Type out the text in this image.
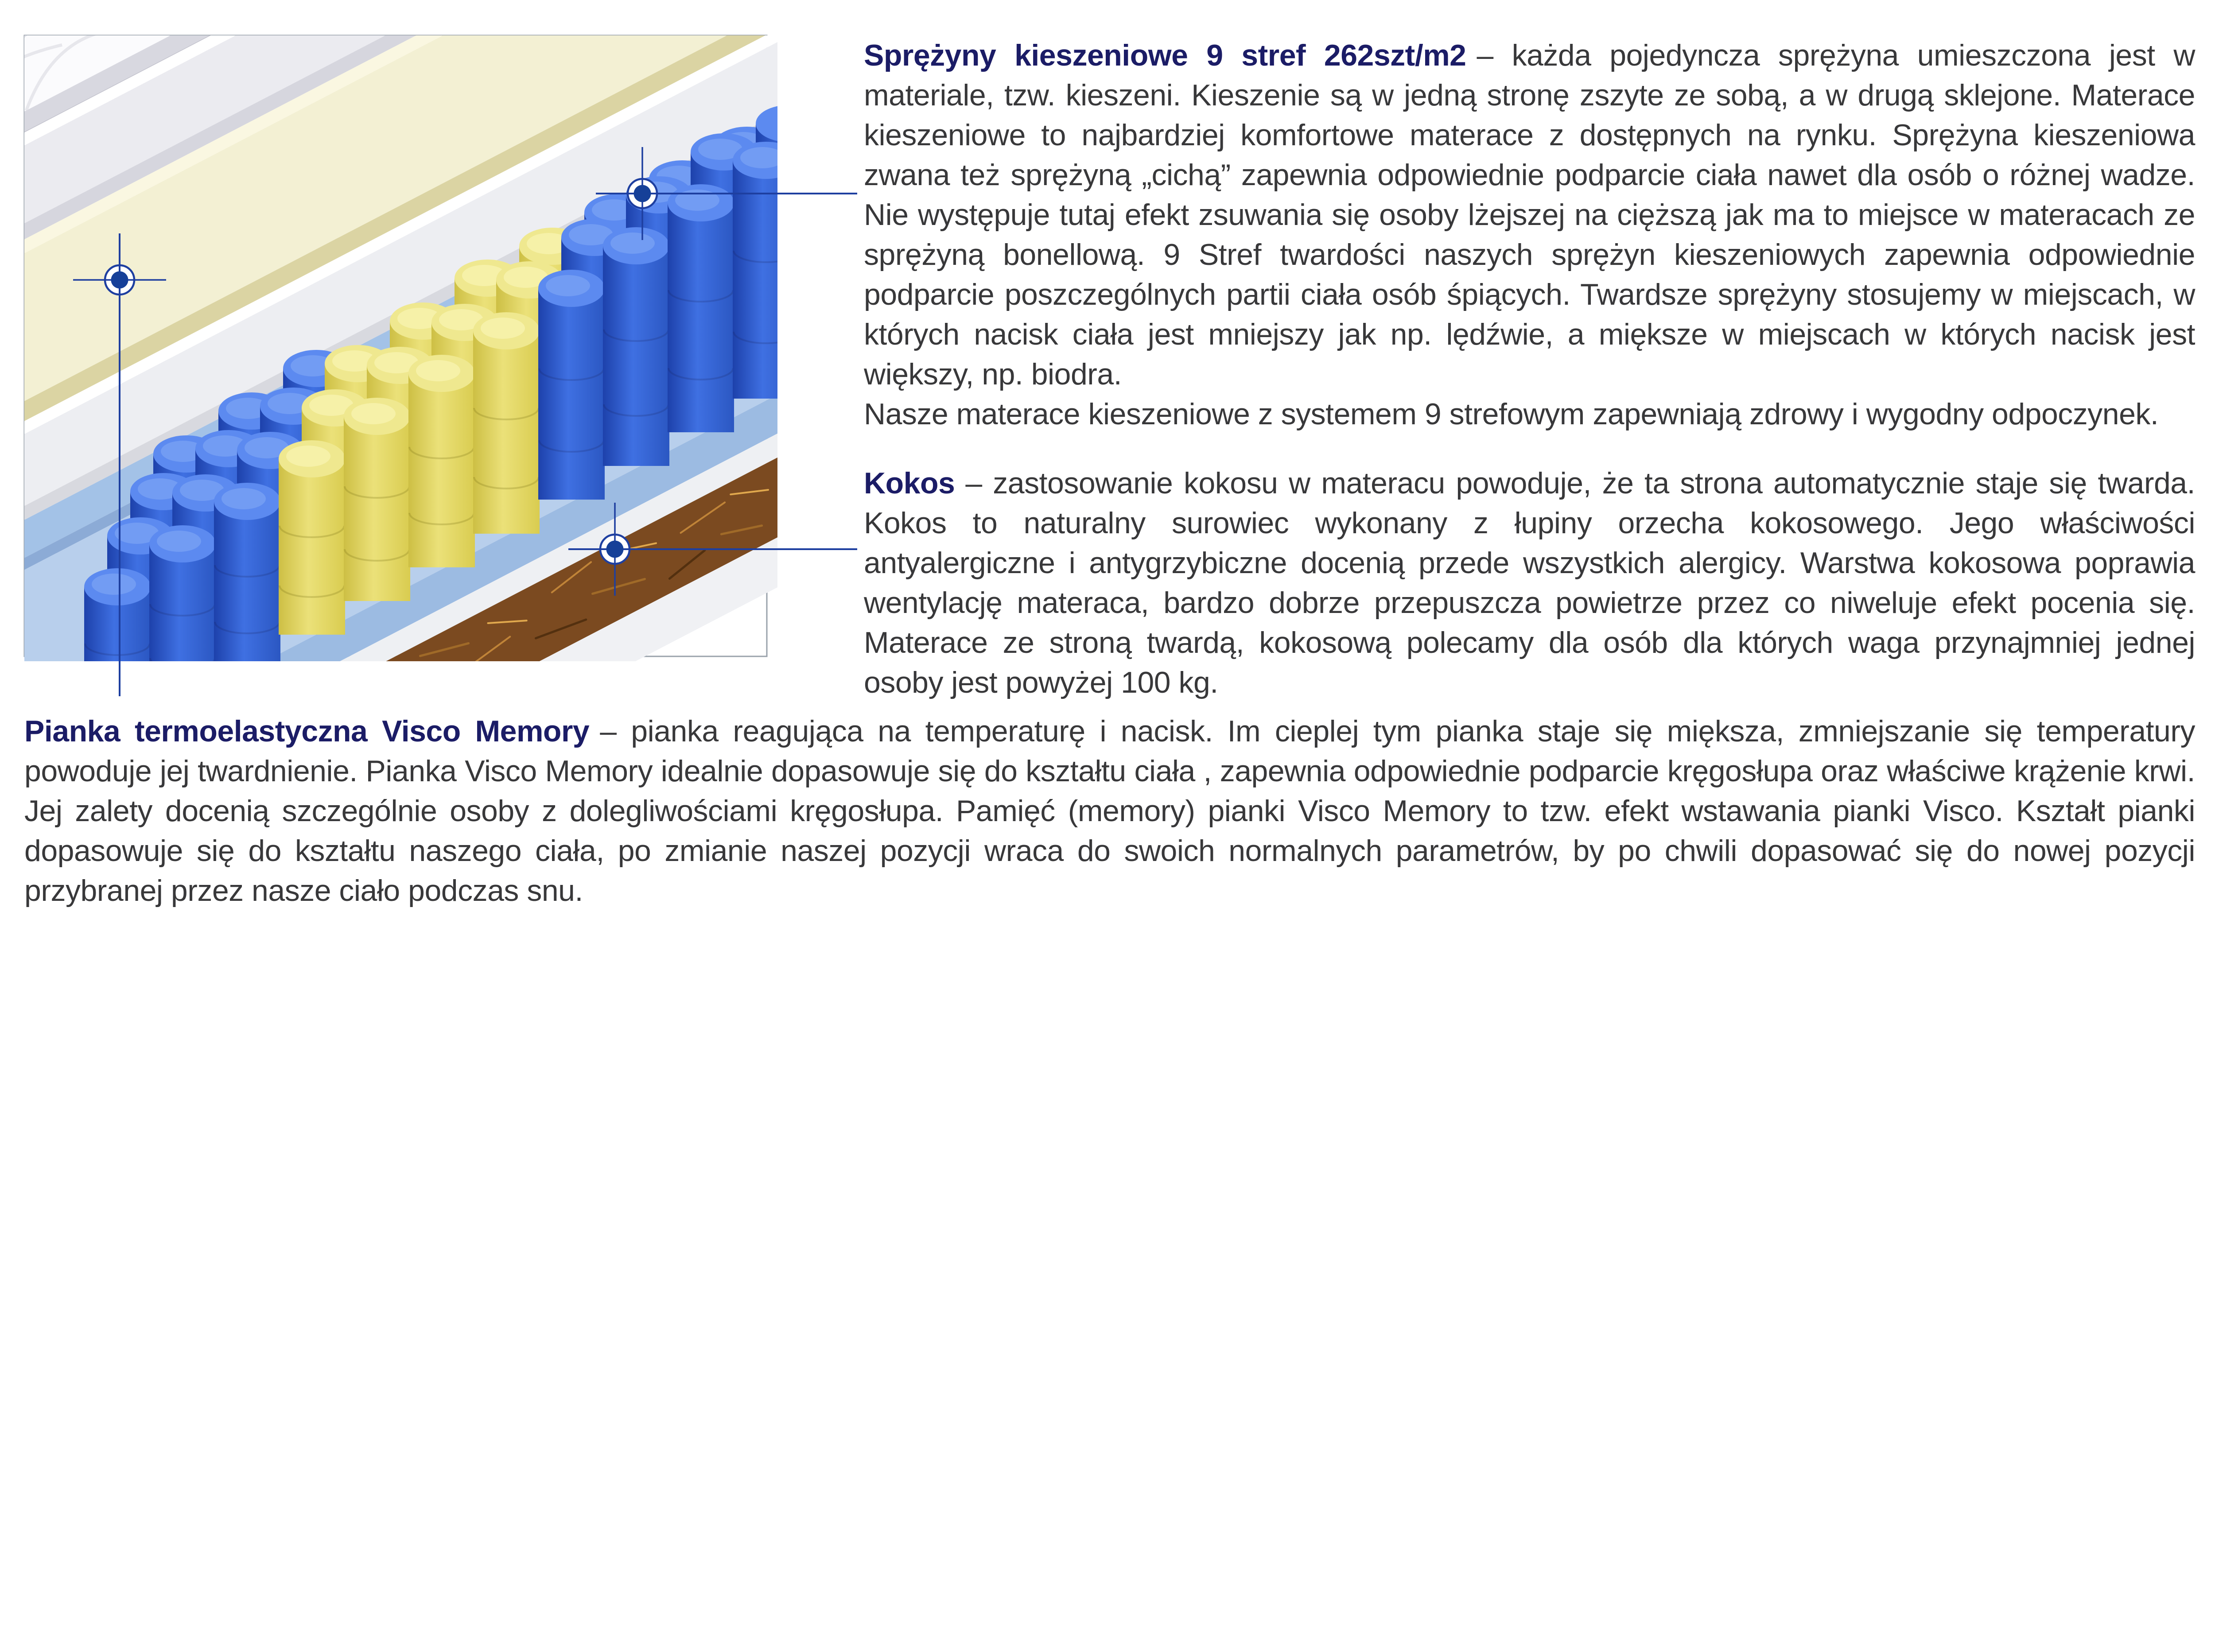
Sprężyny kieszeniowe 9 stref 262szt/m2 – każda pojedyncza sprężyna umieszczona jest w materiale, tzw. kieszeni. Kieszenie są w jedną stronę zszyte ze sobą, a w drugą sklejone. Materace kieszeniowe to najbardziej komfortowe materace z dostępnych na rynku. Sprężyna kieszeniowa zwana też sprężyną „cichą” zapewnia odpowiednie podparcie ciała nawet dla osób o różnej wadze. Nie występuje tutaj efekt zsuwania się osoby lżejszej na cięższą jak ma to miejsce w materacach ze sprężyną bonellową. 9 Stref twardości naszych sprężyn kieszeniowych zapewnia odpowiednie podparcie poszczególnych partii ciała osób śpiących. Twardsze sprężyny stosujemy w miejscach, w których nacisk ciała jest mniejszy jak np. lędźwie, a miększe w miejscach w których nacisk jest większy, np. biodra.
Nasze materace kieszeniowe z systemem 9 strefowym zapewniają zdrowy i wygodny odpoczynek.
Kokos – zastosowanie kokosu w materacu powoduje, że ta strona automatycznie staje się twarda. Kokos to naturalny surowiec wykonany z łupiny orzecha kokosowego. Jego właściwości antyalergiczne i antygrzybiczne docenią przede wszystkich alergicy. Warstwa kokosowa poprawia wentylację materaca, bardzo dobrze przepuszcza powietrze przez co niweluje efekt pocenia się. Materace ze stroną twardą, kokosową polecamy dla osób dla których waga przynajmniej jednej osoby jest powyżej 100 kg.
Pianka termoelastyczna Visco Memory – pianka reagująca na temperaturę i nacisk. Im cieplej tym pianka staje się miększa, zmniejszanie się temperatury powoduje jej twardnienie. Pianka Visco Memory idealnie dopasowuje się do kształtu ciała , zapewnia odpowiednie podparcie kręgosłupa oraz właściwe krążenie krwi. Jej zalety docenią szczególnie osoby z dolegliwościami kręgosłupa. Pamięć (memory) pianki Visco Memory to tzw. efekt wstawania pianki Visco. Kształt pianki dopasowuje się do kształtu naszego ciała, po zmianie naszej pozycji wraca do swoich normalnych parametrów, by po chwili dopasować się do nowej pozycji przybranej przez nasze ciało podczas snu.
